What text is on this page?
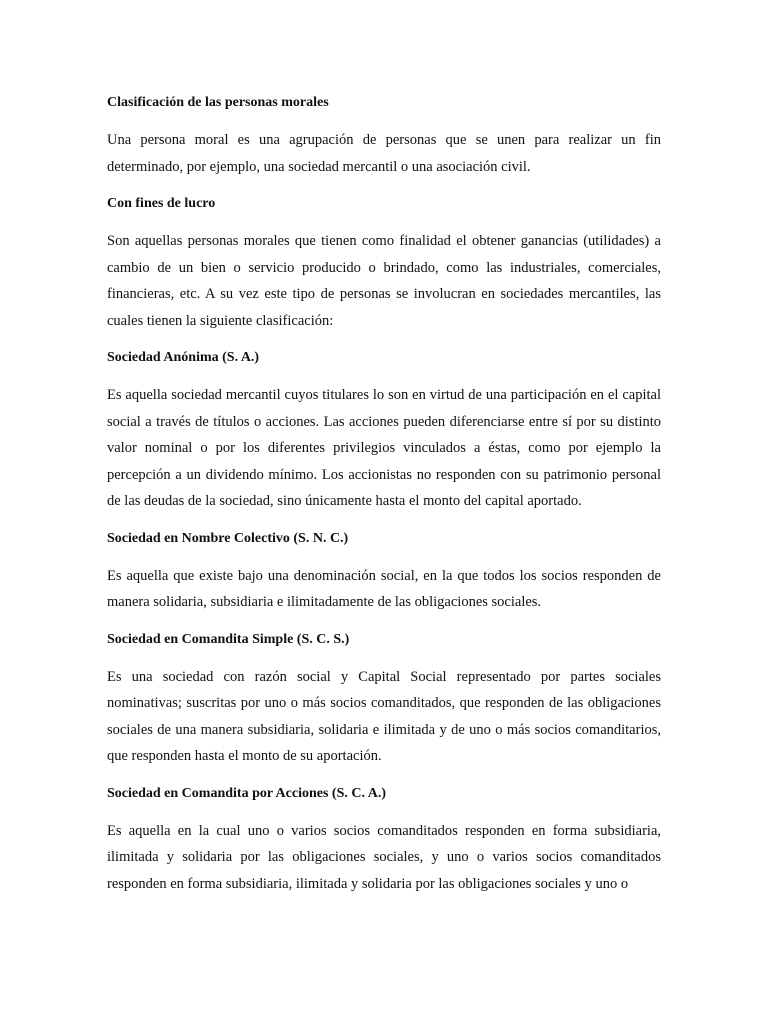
Clasificación de las personas morales

Una persona moral es una agrupación de personas que se unen para realizar un fin determinado, por ejemplo, una sociedad mercantil o una asociación civil.

Con fines de lucro

Son aquellas personas morales que tienen como finalidad el obtener ganancias (utilidades) a cambio de un bien o servicio producido o brindado, como las industriales, comerciales, financieras, etc. A su vez este tipo de personas se involucran en sociedades mercantiles, las cuales tienen la siguiente clasificación:

Sociedad Anónima (S. A.)

Es aquella sociedad mercantil cuyos titulares lo son en virtud de una participación en el capital social a través de títulos o acciones. Las acciones pueden diferenciarse entre sí por su distinto valor nominal o por los diferentes privilegios vinculados a éstas, como por ejemplo la percepción a un dividendo mínimo. Los accionistas no responden con su patrimonio personal de las deudas de la sociedad, sino únicamente hasta el monto del capital aportado.

Sociedad en Nombre Colectivo (S. N. C.)

Es aquella que existe bajo una denominación social, en la que todos los socios responden de manera solidaria, subsidiaria e ilimitadamente de las obligaciones sociales.

Sociedad en Comandita Simple (S. C. S.)

Es una sociedad con razón social y Capital Social representado por partes sociales nominativas; suscritas por uno o más socios comanditados, que responden de las obligaciones sociales de una manera subsidiaria, solidaria e ilimitada y de uno o más socios comanditarios, que responden hasta el monto de su aportación.

Sociedad en Comandita por Acciones (S. C. A.)

Es aquella en la cual uno o varios socios comanditados responden en forma subsidiaria, ilimitada y solidaria por las obligaciones sociales, y uno o varios socios comanditados responden en forma subsidiaria, ilimitada y solidaria por las obligaciones sociales y uno o
